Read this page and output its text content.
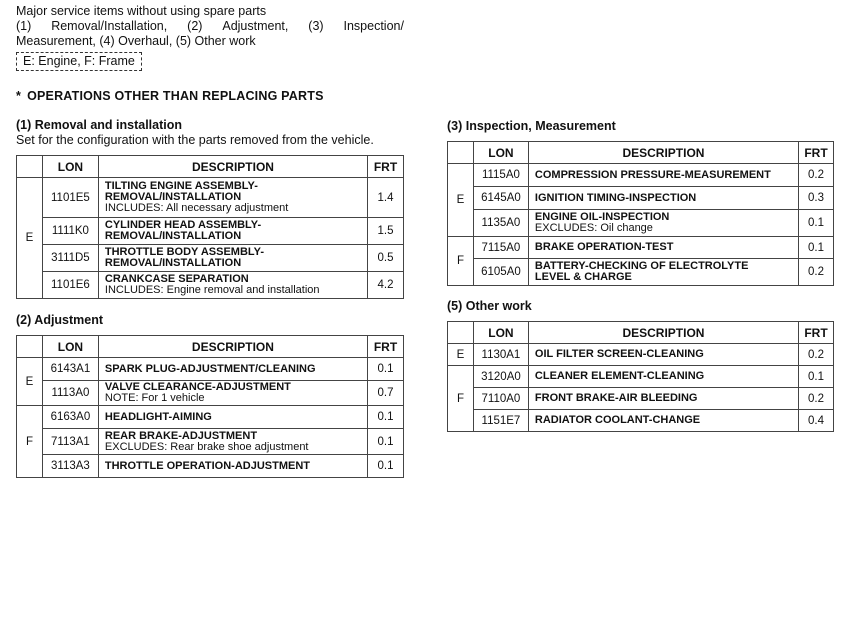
Major service items without using spare parts
(1) Removal/Installation, (2) Adjustment, (3) Inspection/
Measurement, (4) Overhaul, (5) Other work
E: Engine, F: Frame
* OPERATIONS OTHER THAN REPLACING PARTS
(1) Removal and installation
Set for the configuration with the parts removed from the vehicle.
	LON	DESCRIPTION	FRT
E	1101E5	TILTING ENGINE ASSEMBLY-
REMOVAL/INSTALLATION
INCLUDES: All necessary adjustment	1.4
	1111K0	CYLINDER HEAD ASSEMBLY-
REMOVAL/INSTALLATION	1.5
	3111D5	THROTTLE BODY ASSEMBLY-
REMOVAL/INSTALLATION	0.5
	1101E6	CRANKCASE SEPARATION
INCLUDES: Engine removal and installation	4.2
(2) Adjustment
	LON	DESCRIPTION	FRT
E	6143A1	SPARK PLUG-ADJUSTMENT/CLEANING	0.1
	1113A0	VALVE CLEARANCE-ADJUSTMENT
NOTE: For 1 vehicle	0.7
F	6163A0	HEADLIGHT-AIMING	0.1
	7113A1	REAR BRAKE-ADJUSTMENT
EXCLUDES: Rear brake shoe adjustment	0.1
	3113A3	THROTTLE OPERATION-ADJUSTMENT	0.1
(3) Inspection, Measurement
	LON	DESCRIPTION	FRT
E	1115A0	COMPRESSION PRESSURE-MEASUREMENT	0.2
	6145A0	IGNITION TIMING-INSPECTION	0.3
	1135A0	ENGINE OIL-INSPECTION
EXCLUDES: Oil change	0.1
F	7115A0	BRAKE OPERATION-TEST	0.1
	6105A0	BATTERY-CHECKING OF ELECTROLYTE
LEVEL & CHARGE	0.2
(5) Other work
	LON	DESCRIPTION	FRT
E	1130A1	OIL FILTER SCREEN-CLEANING	0.2
F	3120A0	CLEANER ELEMENT-CLEANING	0.1
	7110A0	FRONT BRAKE-AIR BLEEDING	0.2
	1151E7	RADIATOR COOLANT-CHANGE	0.4
